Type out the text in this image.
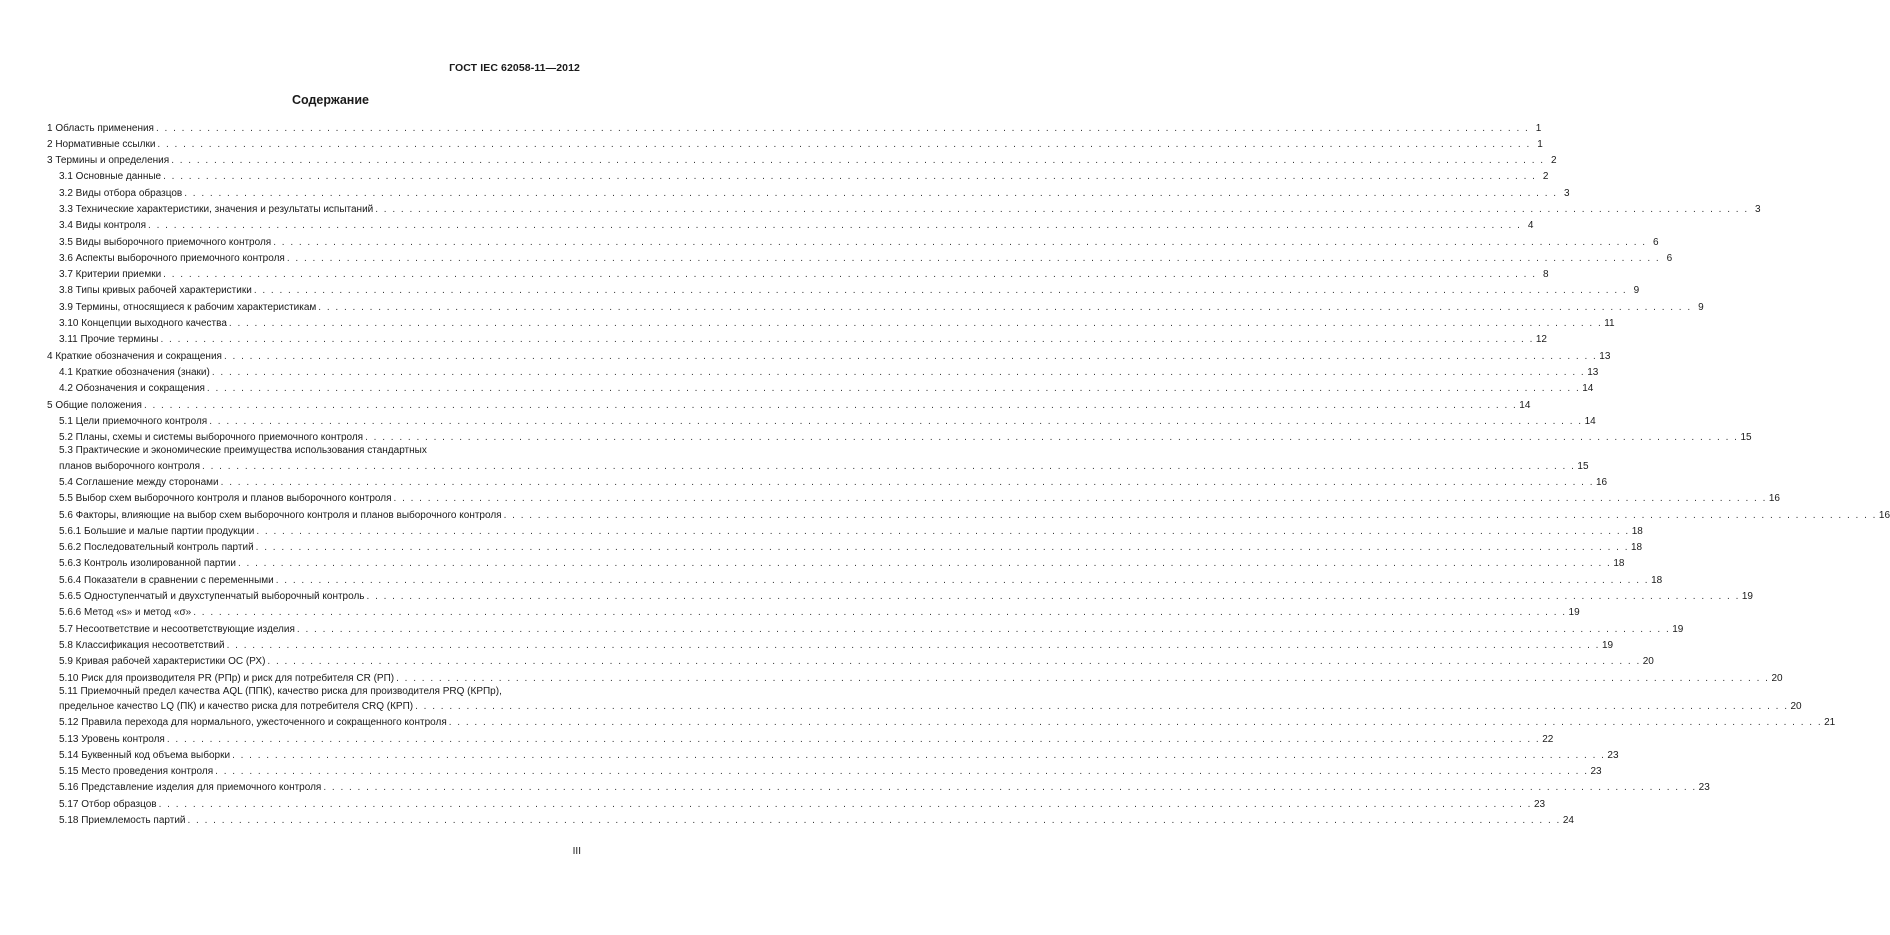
ГОСТ IEC 62058-11—2012
Содержание
1 Область применения . . .	1
2 Нормативные ссылки . . .	1
3 Термины и определения . . .	2
3.1 Основные данные . . .	2
3.2 Виды отбора образцов . . .	3
3.3 Технические характеристики, значения и результаты испытаний . . .	3
3.4 Виды контроля . . .	4
3.5 Виды выборочного приемочного контроля . . .	6
3.6 Аспекты выборочного приемочного контроля . . .	6
3.7 Критерии приемки . . .	8
3.8 Типы кривых рабочей характеристики . . .	9
3.9 Термины, относящиеся к рабочим характеристикам . . .	9
3.10 Концепции выходного качества . . .	11
3.11 Прочие термины . . .	12
4 Краткие обозначения и сокращения . . .	13
4.1 Краткие обозначения (знаки) . . .	13
4.2 Обозначения и сокращения . . .	14
5 Общие положения . . .	14
5.1 Цели приемочного контроля . . .	14
5.2 Планы, схемы и системы выборочного приемочного контроля . . .	15
5.3 Практические и экономические преимущества использования стандартных
планов выборочного контроля . . .	15
5.4 Соглашение между сторонами . . .	16
5.5 Выбор схем выборочного контроля и планов выборочного контроля . . .	16
5.6 Факторы, влияющие на выбор схем выборочного контроля и планов выборочного контроля . . .	16
5.6.1 Большие и малые партии продукции . . .	18
5.6.2 Последовательный контроль партий . . .	18
5.6.3 Контроль изолированной партии . . .	18
5.6.4 Показатели в сравнении с переменными . . .	18
5.6.5 Одноступенчатый и двухступенчатый выборочный контроль . . .	19
5.6.6 Метод «s» и метод «σ» . . .	19
5.7 Несоответствие и несоответствующие изделия . . .	19
5.8 Классификация несоответствий . . .	19
5.9 Кривая рабочей характеристики ОС (РХ) . . .	20
5.10 Риск для производителя PR (РПр) и риск для потребителя CR (РП) . . .	20
5.11 Приемочный предел качества AQL (ППК), качество риска для производителя PRQ (КРПр),
предельное качество LQ (ПК) и качество риска для потребителя CRQ (КРП) . . .	20
5.12 Правила перехода для нормального, ужесточенного и сокращенного контроля . . .	21
5.13 Уровень контроля . . .	22
5.14 Буквенный код объема выборки . . .	23
5.15 Место проведения контроля . . .	23
5.16 Представление изделия для приемочного контроля . . .	23
5.17 Отбор образцов . . .	23
5.18 Приемлемость партий . . .	24
III
